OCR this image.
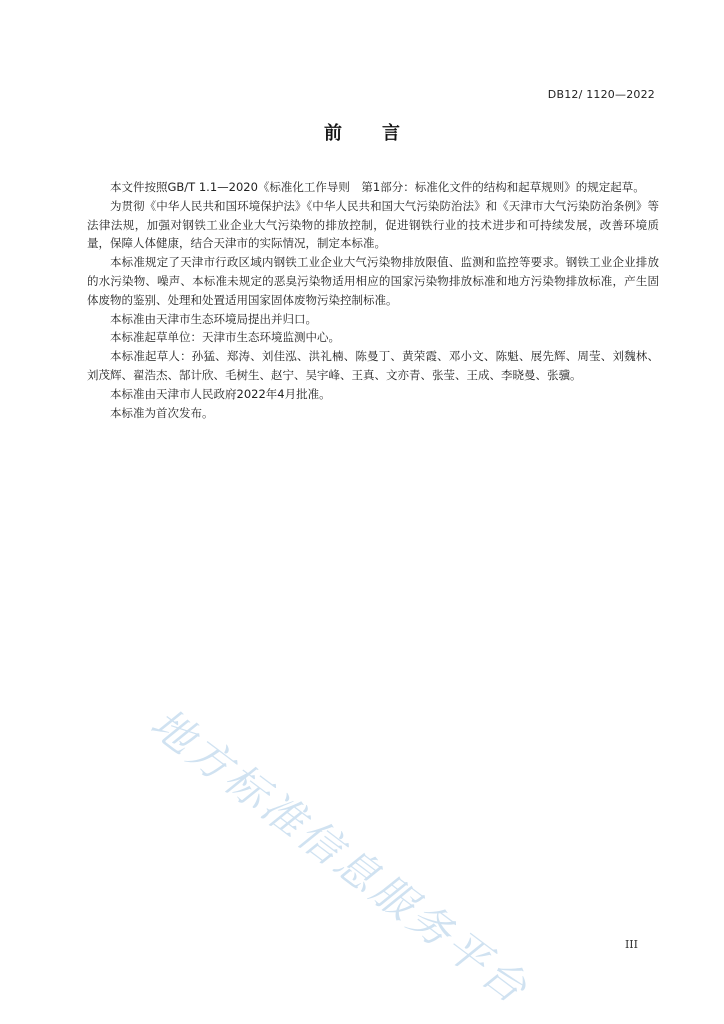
DB12/ 1120—2022
前 言

本文件按照GB/T 1.1—2020《标准化工作导则　第1部分：标准化文件的结构和起草规则》的规定起草。

为贯彻《中华人民共和国环境保护法》《中华人民共和国大气污染防治法》和《天津市大气污染防治条例》等法律法规，加强对钢铁工业企业大气污染物的排放控制，促进钢铁行业的技术进步和可持续发展，改善环境质量，保障人体健康，结合天津市的实际情况，制定本标准。

本标准规定了天津市行政区域内钢铁工业企业大气污染物排放限值、监测和监控等要求。钢铁工业企业排放的水污染物、噪声、本标准未规定的恶臭污染物适用相应的国家污染物排放标准和地方污染物排放标准，产生固体废物的鉴别、处理和处置适用国家固体废物污染控制标准。

本标准由天津市生态环境局提出并归口。

本标准起草单位：天津市生态环境监测中心。

本标准起草人：孙猛、郑涛、刘佳泓、洪礼楠、陈曼丁、黄荣霞、邓小文、陈魁、展先辉、周莹、刘魏林、刘茂辉、翟浩杰、郜计欣、毛树生、赵宁、吴宇峰、王真、文亦青、张莹、王成、李晓曼、张骥。

本标准由天津市人民政府2022年4月批准。

本标准为首次发布。

地方标准信息服务平台	III
